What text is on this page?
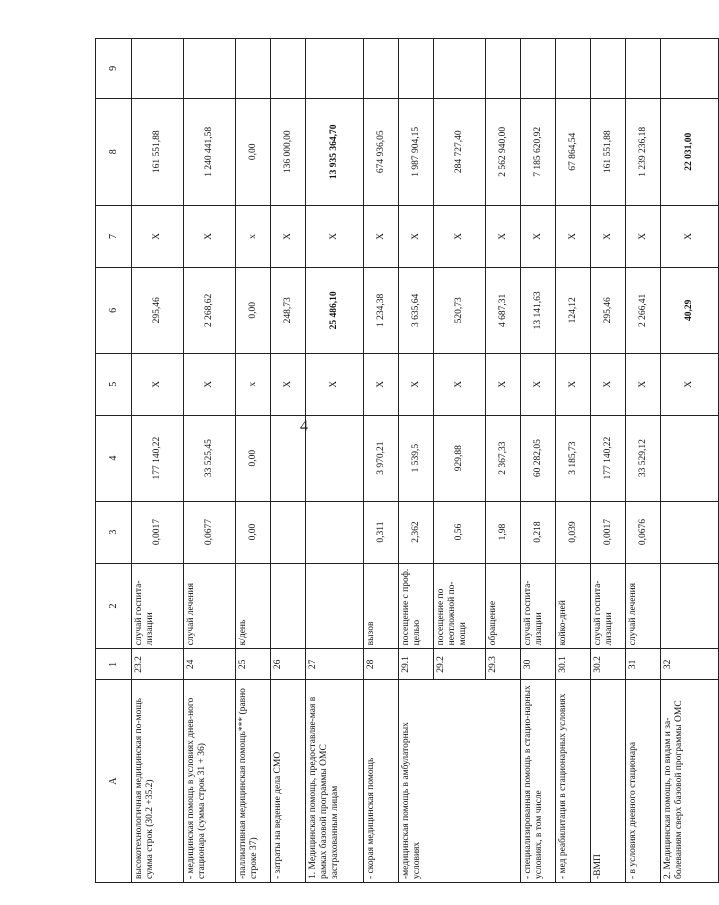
4
A	1	2	3	4	5	6	7	8	9
высокотехнологичная медицинская по-мощь сумма строк (30.2 +35.2)	23.2	случай госпита-лизации	0,0017	177 140,22	Х	295,46	Х	161 551,88	
- медицинская помощь в условиях днев-ного стационара (сумма строк 31 + 36)	24	случай лечения	0,0677	33 525,45	Х	2 268,62	Х	1 240 441,58	
-паллиативная медицинская помощь*** (равно строке 37)	25	к/день	0,00	0,00	х	0,00	х	0,00	
- затраты на ведение дела СМО	26				Х	248,73	Х	136 000,00	
1. Медицинская помощь, предоставляе-мая в рамках базовой программы ОМС застрахованным лицам	27				Х	25 486,10	Х	13 935 364,70	
- скорая медицинская помощь	28	вызов	0,311	3 970,21	Х	1 234,38	Х	674 936,05	
-медицинская помощь в амбулаторных условиях	29.1	посещение с проф. целью	2,362	1 539,5	Х	3 635,64	Х	1 987 904,15	
	29.2	посещение по неотложной по-мощи	0,56	929,88	Х	520,73	Х	284 727,40	
	29.3	обращение	1,98	2 367,33	Х	4 687,31	Х	2 562 940,00	
- специализированная помощь в стацио-нарных условиях, в том числе	30	случай госпита-лизации	0,218	60 282,05	Х	13 141,63	Х	7 185 620,92	
- мед реабилитация в стационарных условиях	30.1	койко-дней	0,039	3 185,73	Х	124,12	Х	67 864,54	
-ВМП	30.2	случай госпита-лизации	0,0017	177 140,22	Х	295,46	Х	161 551,88	
- в условиях дневного стационара	31	случай лечения	0,0676	33 529,12	Х	2 266,41	Х	1 239 236,18	
2. Медицинская помощь, по видам и за-болеваниям сверх базовой программы ОМС	32				Х	40,29	Х	22 031,00	
